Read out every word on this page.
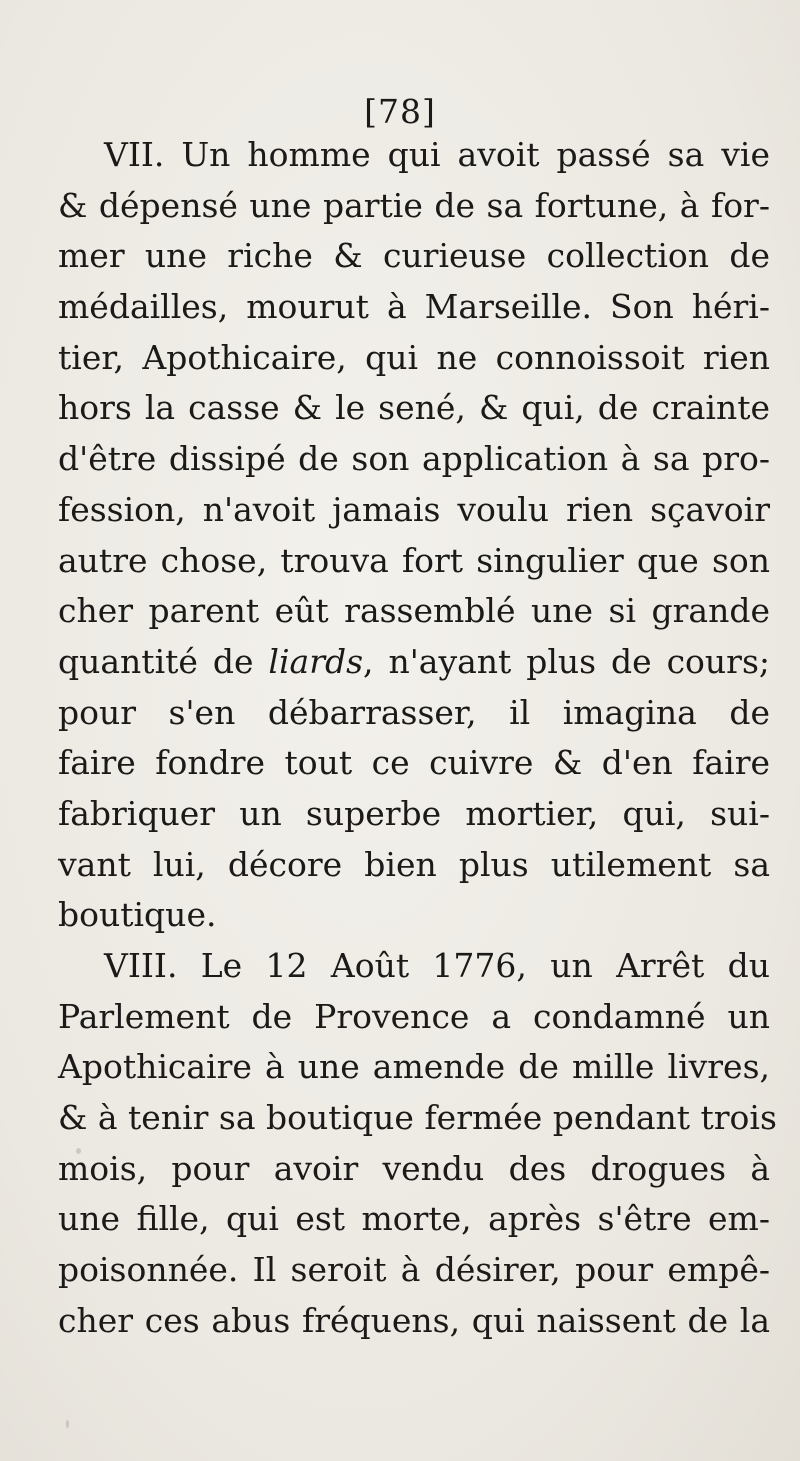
[78]
VII. Un homme qui avoit passé sa vie
& dépensé une partie de sa fortune, à for-
mer une riche & curieuse collection de
médailles, mourut à Marseille. Son héri-
tier, Apothicaire, qui ne connoissoit rien
hors la casse & le sené, & qui, de crainte
d'être dissipé de son application à sa pro-
fession, n'avoit jamais voulu rien sçavoir
autre chose, trouva fort singulier que son
cher parent eût rassemblé une si grande
quantité de liards, n'ayant plus de cours;
pour s'en débarrasser, il imagina de
faire fondre tout ce cuivre & d'en faire
fabriquer un superbe mortier, qui, sui-
vant lui, décore bien plus utilement sa
boutique.
VIII. Le 12 Août 1776, un Arrêt du
Parlement de Provence a condamné un
Apothicaire à une amende de mille livres,
& à tenir sa boutique fermée pendant trois
mois, pour avoir vendu des drogues à
une fille, qui est morte, après s'être em-
poisonnée. Il seroit à désirer, pour empê-
cher ces abus fréquens, qui naissent de la
